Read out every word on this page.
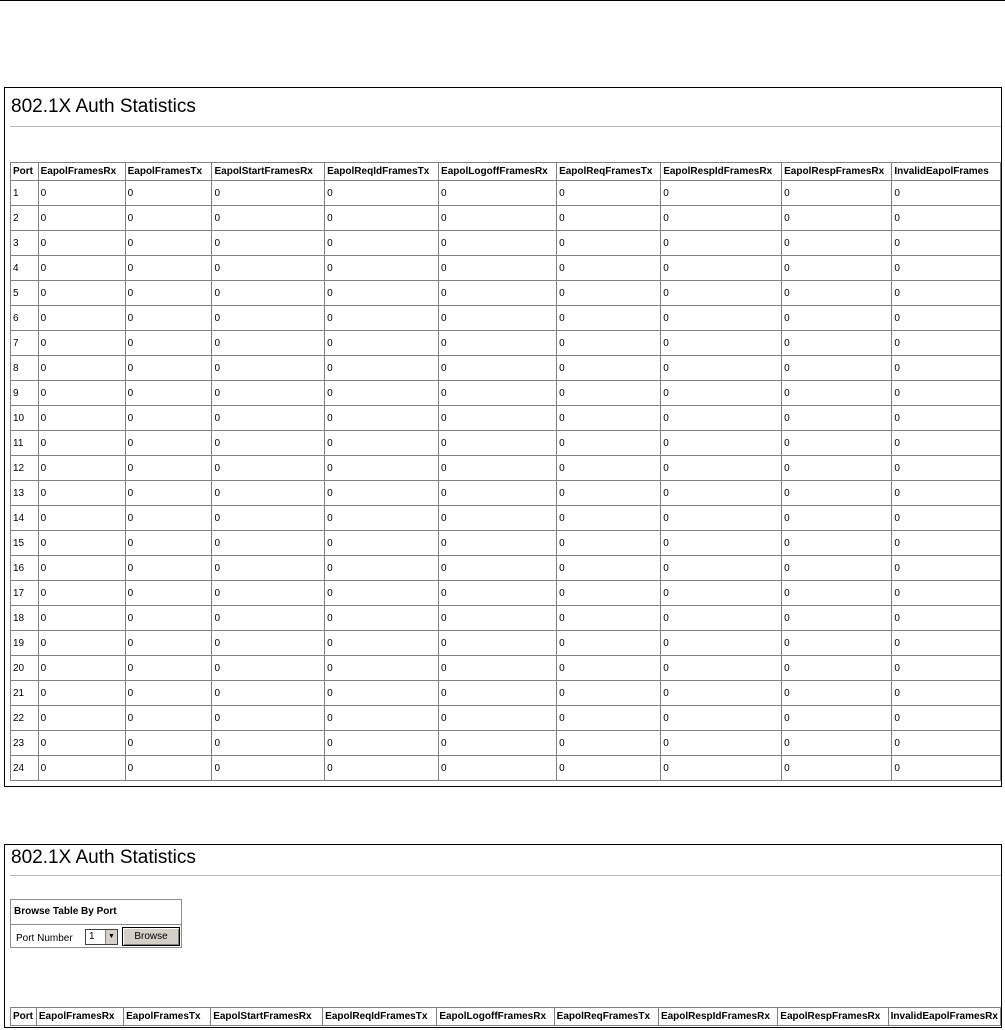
802.1X Auth Statistics
Port	EapolFramesRx	EapolFramesTx	EapolStartFramesRx	EapolReqIdFramesTx	EapolLogoffFramesRx	EapolReqFramesTx	EapolRespIdFramesRx	EapolRespFramesRx	InvalidEapolFrames
1	0	0	0	0	0	0	0	0	0
2	0	0	0	0	0	0	0	0	0
3	0	0	0	0	0	0	0	0	0
4	0	0	0	0	0	0	0	0	0
5	0	0	0	0	0	0	0	0	0
6	0	0	0	0	0	0	0	0	0
7	0	0	0	0	0	0	0	0	0
8	0	0	0	0	0	0	0	0	0
9	0	0	0	0	0	0	0	0	0
10	0	0	0	0	0	0	0	0	0
11	0	0	0	0	0	0	0	0	0
12	0	0	0	0	0	0	0	0	0
13	0	0	0	0	0	0	0	0	0
14	0	0	0	0	0	0	0	0	0
15	0	0	0	0	0	0	0	0	0
16	0	0	0	0	0	0	0	0	0
17	0	0	0	0	0	0	0	0	0
18	0	0	0	0	0	0	0	0	0
19	0	0	0	0	0	0	0	0	0
20	0	0	0	0	0	0	0	0	0
21	0	0	0	0	0	0	0	0	0
22	0	0	0	0	0	0	0	0	0
23	0	0	0	0	0	0	0	0	0
24	0	0	0	0	0	0	0	0	0
802.1X Auth Statistics
Browse Table By Port
Port Number 1	▼	Browse
Port	EapolFramesRx	EapolFramesTx	EapolStartFramesRx	EapolReqIdFramesTx	EapolLogoffFramesRx	EapolReqFramesTx	EapolRespIdFramesRx	EapolRespFramesRx	InvalidEapolFramesRx
